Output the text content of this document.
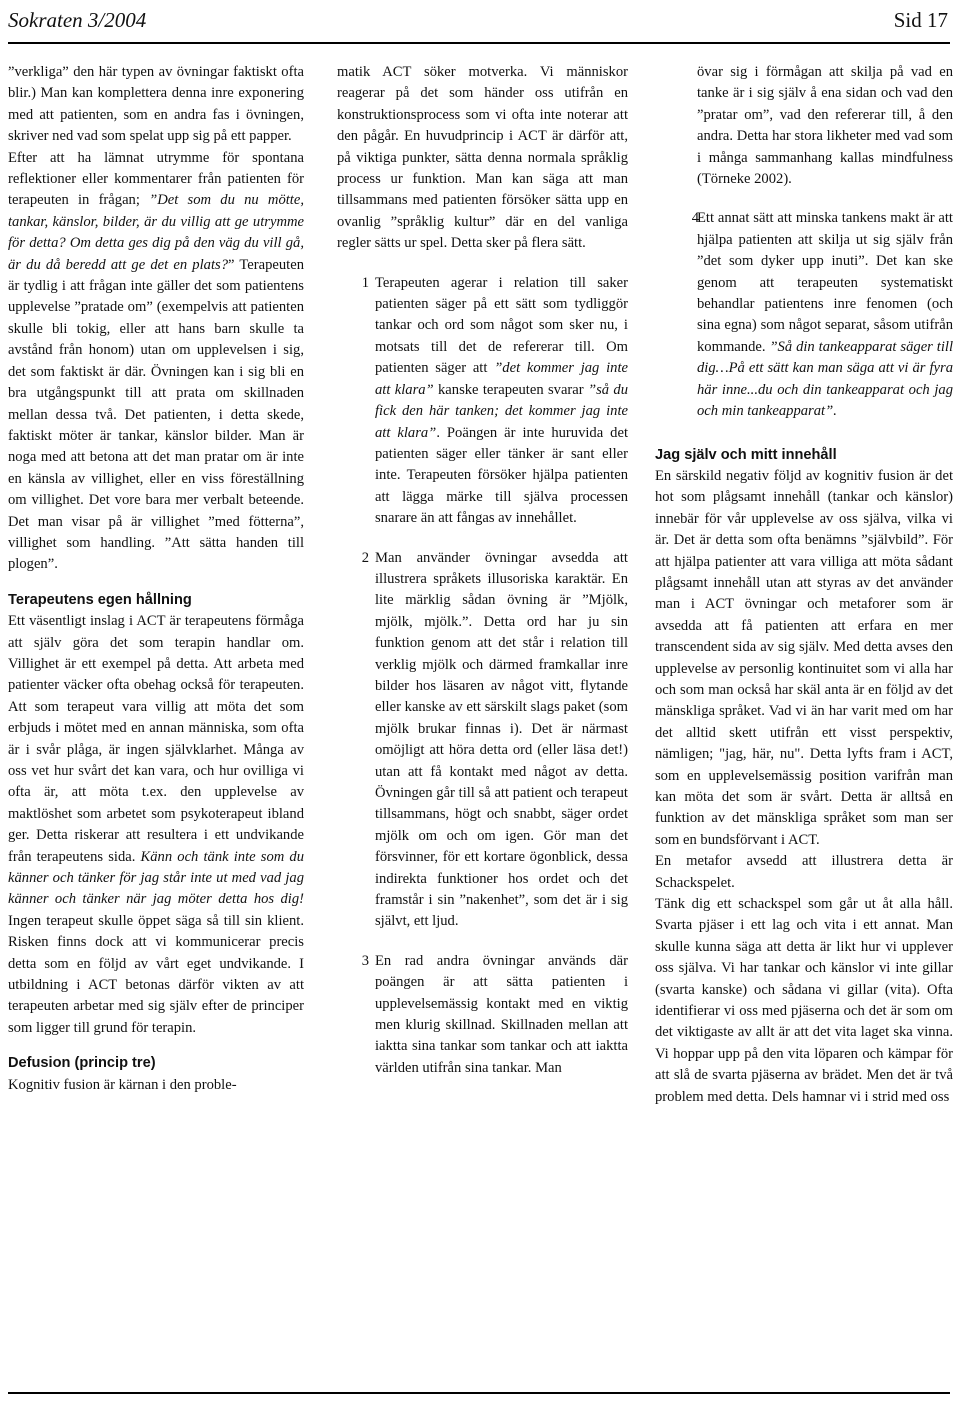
Sokraten 3/2004	Sid 17

”verkliga” den här typen av övningar faktiskt ofta blir.) Man kan komplettera denna inre exponering med att patienten, som en andra fas i övningen, skriver ned vad som spelat upp sig på ett papper.

Efter att ha lämnat utrymme för spontana reflektioner eller kommentarer från patienten för terapeuten in frågan; ”Det som du nu mötte, tankar, känslor, bilder, är du villig att ge utrymme för detta? Om detta ges dig på den väg du vill gå, är du då beredd att ge det en plats?” Terapeuten är tydlig i att frågan inte gäller det som patientens upplevelse ”pratade om” (exempelvis att patienten skulle bli tokig, eller att hans barn skulle ta avstånd från honom) utan om upplevelsen i sig, det som faktiskt är där. Övningen kan i sig bli en bra utgångspunkt till att prata om skillnaden mellan dessa två. Det patienten, i detta skede, faktiskt möter är tankar, känslor bilder. Man är noga med att betona att det man pratar om är inte en känsla av villighet, eller en viss föreställning om villighet. Det vore bara mer verbalt beteende. Det man visar på är villighet ”med fötterna”, villighet som handling. ”Att sätta handen till plogen”.

Terapeutens egen hållning

Ett väsentligt inslag i ACT är terapeutens förmåga att själv göra det som terapin handlar om. Villighet är ett exempel på detta. Att arbeta med patienter väcker ofta obehag också för terapeuten. Att som terapeut vara villig att möta det som erbjuds i mötet med en annan människa, som ofta är i svår plåga, är ingen självklarhet. Många av oss vet hur svårt det kan vara, och hur ovilliga vi ofta är, att möta t.ex. den upplevelse av maktlöshet som arbetet som psykoterapeut ibland ger. Detta riskerar att resultera i ett undvikande från terapeutens sida. Känn och tänk inte som du känner och tänker för jag står inte ut med vad jag känner och tänker när jag möter detta hos dig! Ingen terapeut skulle öppet säga så till sin klient. Risken finns dock att vi kommunicerar precis detta som en följd av vårt eget undvikande. I utbildning i ACT betonas därför vikten av att terapeuten arbetar med sig själv efter de principer som ligger till grund för terapin.

Defusion (princip tre)

Kognitiv fusion är kärnan i den proble-

matik ACT söker motverka. Vi människor reagerar på det som händer oss utifrån en konstruktionsprocess som vi ofta inte noterar att den pågår. En huvudprincip i ACT är därför att, på viktiga punkter, sätta denna normala språklig process ur funktion. Man kan säga att man tillsammans med patienten försöker sätta upp en ovanlig ”språklig kultur” där en del vanliga regler sätts ur spel. Detta sker på flera sätt.

1 Terapeuten agerar i relation till saker patienten säger på ett sätt som tydliggör tankar och ord som något som sker nu, i motsats till det de refererar till. Om patienten säger att ”det kommer jag inte att klara” kanske terapeuten svarar ”så du fick den här tanken; det kommer jag inte att klara”. Poängen är inte huruvida det patienten säger eller tänker är sant eller inte. Terapeuten försöker hjälpa patienten att lägga märke till själva processen snarare än att fångas av innehållet.

2 Man använder övningar avsedda att illustrera språkets illusoriska karaktär. En lite märklig sådan övning är ”Mjölk, mjölk, mjölk.”. Detta ord har ju sin funktion genom att det står i relation till verklig mjölk och därmed framkallar inre bilder hos läsaren av något vitt, flytande eller kanske av ett särskilt slags paket (som mjölk brukar finnas i). Det är närmast omöjligt att höra detta ord (eller läsa det!) utan att få kontakt med något av detta. Övningen går till så att patient och terapeut tillsammans, högt och snabbt, säger ordet mjölk om och om igen. Gör man det försvinner, för ett kortare ögonblick, dessa indirekta funktioner hos ordet och det framstår i sin ”nakenhet”, som det är i sig självt, ett ljud.

3 En rad andra övningar används där poängen är att sätta patienten i upplevelsemässig kontakt med en viktig men klurig skillnad. Skillnaden mellan att iaktta sina tankar som tankar och att iaktta världen utifrån sina tankar. Man

övar sig i förmågan att skilja på vad en tanke är i sig själv å ena sidan och vad den ”pratar om”, vad den refererar till, å den andra. Detta har stora likheter med vad som i många sammanhang kallas mindfulness (Törneke 2002).

4

Ett annat sätt att minska tankens makt är att hjälpa patienten att skilja ut sig själv från ”det som dyker upp inuti”. Det kan ske genom att terapeuten systematiskt behandlar patientens inre fenomen (och sina egna) som något separat, såsom utifrån kommande. ”Så din tankeapparat säger till dig…På ett sätt kan man säga att vi är fyra här inne...du och din tankeapparat och jag och min tankeapparat”.

Jag själv och mitt innehåll

En särskild negativ följd av kognitiv fusion är det hot som plågsamt innehåll (tankar och känslor) innebär för vår upplevelse av oss själva, vilka vi är. Det är detta som ofta benämns ”självbild”. För att hjälpa patienter att vara villiga att möta sådant plågsamt innehåll utan att styras av det använder man i ACT övningar och metaforer som är avsedda att få patienten att erfara en mer transcendent sida av sig själv. Med detta avses den upplevelse av personlig kontinuitet som vi alla har och som man också har skäl anta är en följd av det mänskliga språket. Vad vi än har varit med om har det alltid skett utifrån ett visst perspektiv, nämligen; "jag, här, nu". Detta lyfts fram i ACT, som en upplevelsemässig position varifrån man kan möta det som är svårt. Detta är alltså en funktion av det mänskliga språket som man ser som en bundsförvant i ACT.

En metafor avsedd att illustrera detta är Schackspelet.

Tänk dig ett schackspel som går ut åt alla håll. Svarta pjäser i ett lag och vita i ett annat. Man skulle kunna säga att detta är likt hur vi upplever oss själva. Vi har tankar och känslor vi inte gillar (svarta kanske) och sådana vi gillar (vita). Ofta identifierar vi oss med pjäserna och det är som om det viktigaste av allt är att det vita laget ska vinna. Vi hoppar upp på den vita löparen och kämpar för att slå de svarta pjäserna av brädet. Men det är två problem med detta. Dels hamnar vi i strid med oss
